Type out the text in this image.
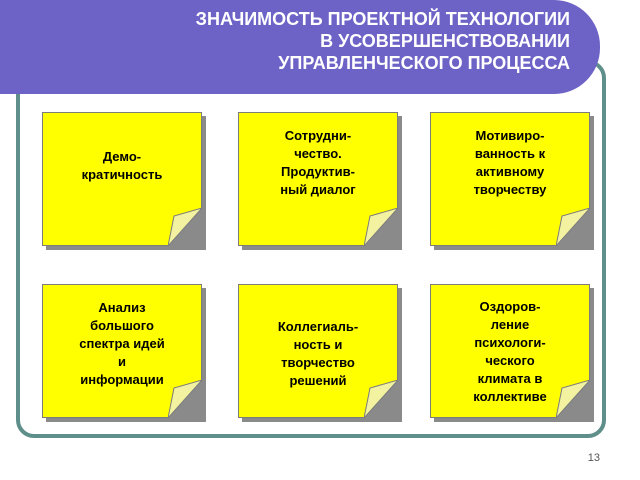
ЗНАЧИМОСТЬ ПРОЕКТНОЙ ТЕХНОЛОГИИ
В УСОВЕРШЕНСТВОВАНИИ
УПРАВЛЕНЧЕСКОГО ПРОЦЕССА

Демо-
кратичность

Сотрудни-
чество.
Продуктив-
ный диалог

Мотивиро-
ванность к
активному
творчеству

Анализ
большого
спектра идей
и
информации

Коллегиаль-
ность и
творчество
решений

Оздоров-
ление
психологи-
ческого
климата в
коллективе

13
